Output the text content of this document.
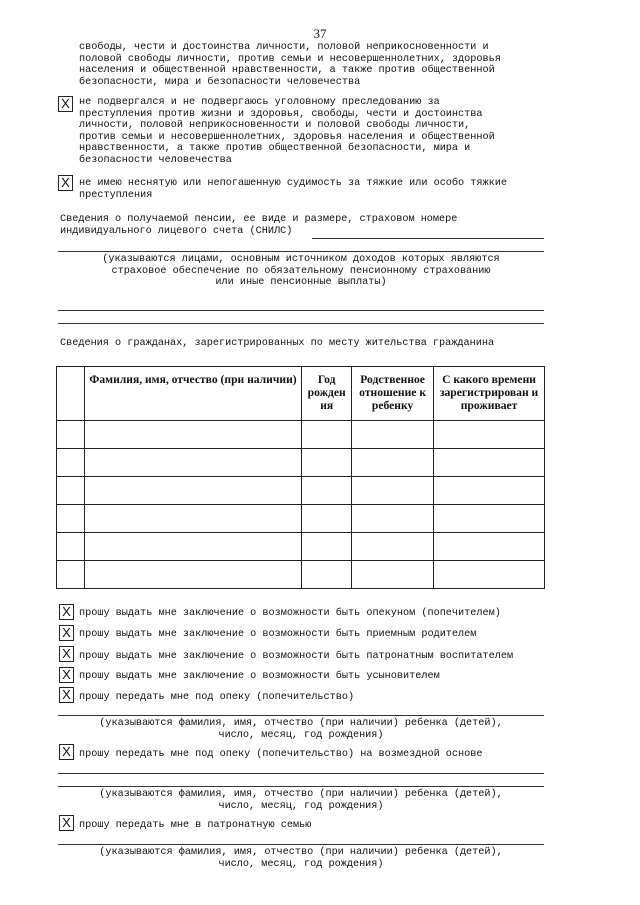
37
свободы, чести и достоинства личности, половой неприкосновенности и
половой свободы личности, против семьи и несовершеннолетних, здоровья
населения и общественной нравственности, а также против общественной
безопасности, мира и безопасности человечества
X не подвергался и не подвергаюсь уголовному преследованию за
преступления против жизни и здоровья, свободы, чести и достоинства
личности, половой неприкосновенности и половой свободы личности,
против семьи и несовершеннолетних, здоровья населения и общественной
нравственности, а также против общественной безопасности, мира и
безопасности человечества
X не имею неснятую или непогашенную судимость за тяжкие или особо тяжкие
преступления
Сведения о получаемой пенсии, ее виде и размере, страховом номере
индивидуального лицевого счета (СНИЛС)
(указываются лицами, основным источником доходов которых являются
страховое обеспечение по обязательному пенсионному страхованию
или иные пенсионные выплаты)
Сведения о гражданах, зарегистрированных по месту жительства гражданина
	Фамилия, имя, отчество (при наличии)	Год
рожден
ия	Родственное
отношение к
ребенку	С какого времени
зарегистрирован и
проживает

X прошу выдать мне заключение о возможности быть опекуном (попечителем)
X прошу выдать мне заключение о возможности быть приемным родителем
X прошу выдать мне заключение о возможности быть патронатным воспитателем
X прошу выдать мне заключение о возможности быть усыновителем
X прошу передать мне под опеку (попечительство)
(указываются фамилия, имя, отчество (при наличии) ребенка (детей),
число, месяц, год рождения)
X прошу передать мне под опеку (попечительство) на возмездной основе
(указываются фамилия, имя, отчество (при наличии) ребенка (детей),
число, месяц, год рождения)
X прошу передать мне в патронатную семью
(указываются фамилия, имя, отчество (при наличии) ребенка (детей),
число, месяц, год рождения)
